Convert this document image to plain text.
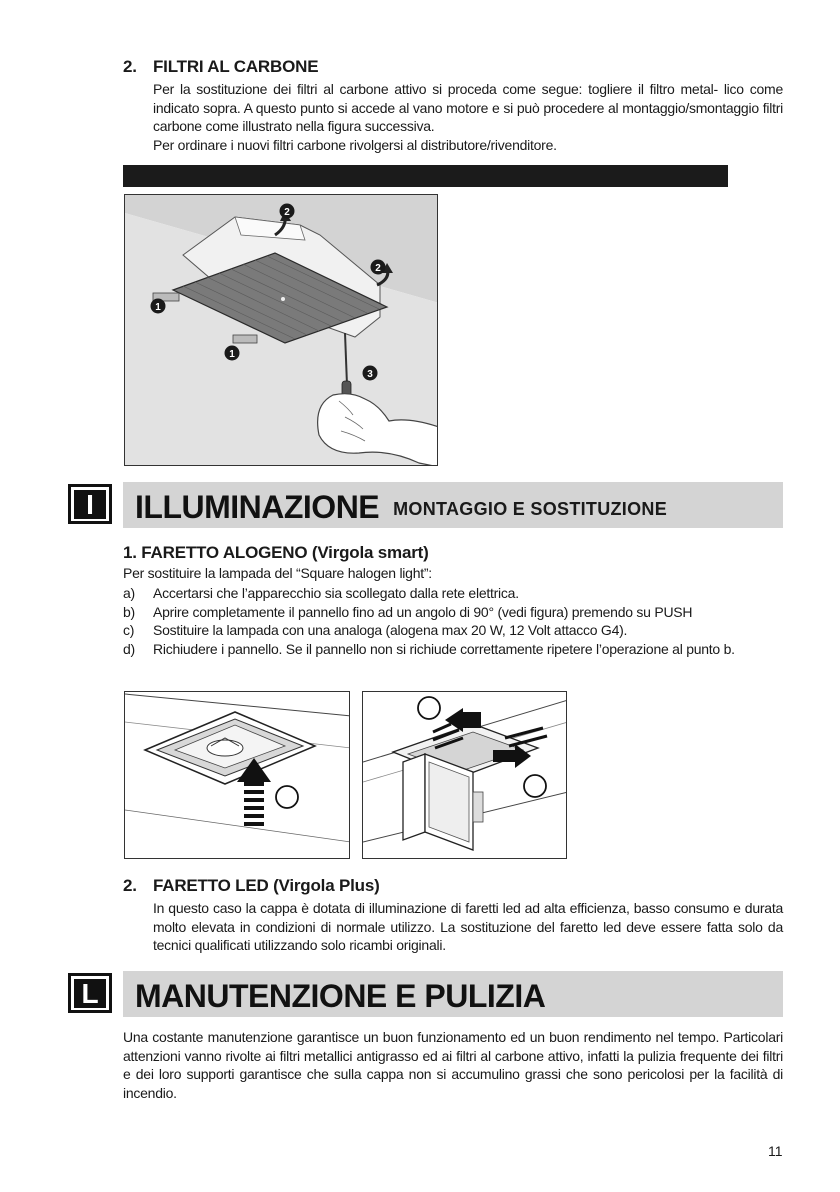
2. FILTRI AL CARBONE

Per la sostituzione dei filtri al carbone attivo si proceda come segue: togliere il filtro metal- lico come indicato sopra. A questo punto si accede al vano motore e si può procedere al montaggio/smontaggio filtri carbone come illustrato nella figura successiva.

Per ordinare i nuovi filtri carbone rivolgersi al distributore/rivenditore.

1
1
2
2
3
I	ILLUMINAZIONE MONTAGGIO E SOSTITUZIONE
1. FARETTO ALOGENO (Virgola smart)
Per sostituire la lampada del “Square halogen light”:
a)	Accertarsi che l’apparecchio sia scollegato dalla rete elettrica.
b)	Aprire completamente il pannello fino ad un angolo di 90° (vedi figura) premendo su PUSH
c)	Sostituire la lampada con una analoga (alogena max 20 W, 12 Volt attacco G4).
d)	Richiudere i pannello. Se il pannello non si richiude correttamente ripetere l’operazione al punto b.
2. FARETTO LED (Virgola Plus)
In questo caso la cappa è dotata di illuminazione di faretti led ad alta efficienza, basso consumo e durata molto elevata in condizioni di normale utilizzo. La sostituzione del faretto led deve essere fatta solo da tecnici qualificati utilizzando solo ricambi originali.
L MANUTENZIONE E PULIZIA
Una costante manutenzione garantisce un buon funzionamento ed un buon rendimento nel tempo. Particolari attenzioni vanno rivolte ai filtri metallici antigrasso ed ai filtri al carbone attivo, infatti la pulizia frequente dei filtri e dei loro supporti garantisce che sulla cappa non si accumulino grassi che sono pericolosi per la facilità di incendio.
11
